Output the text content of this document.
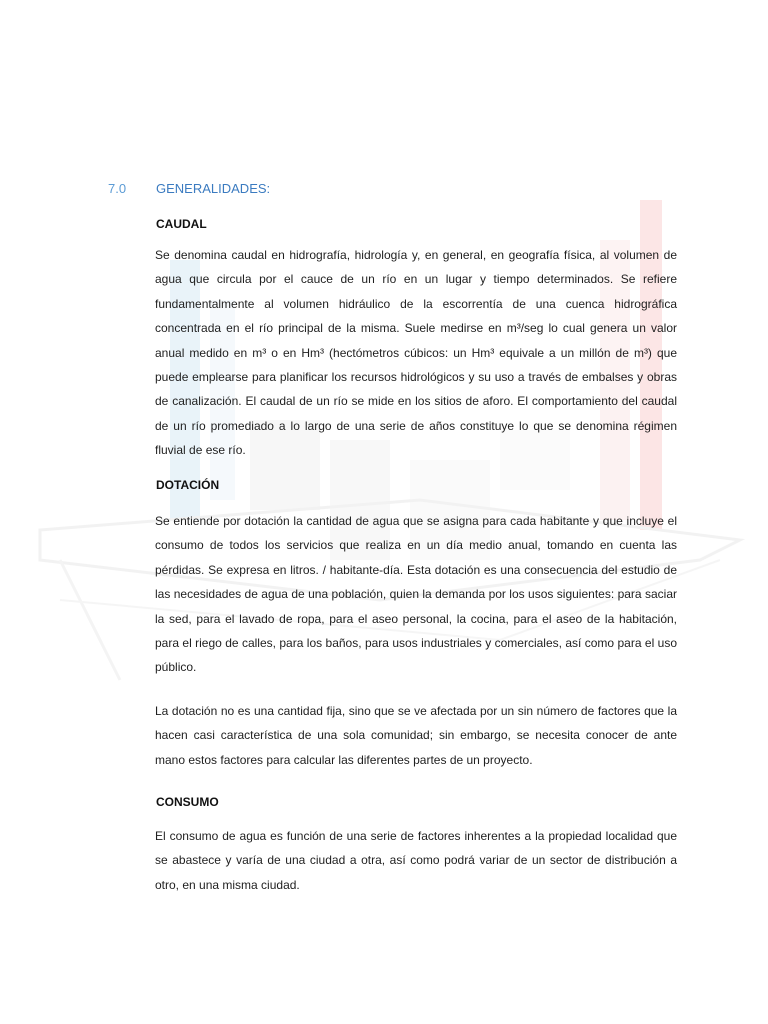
7.0 GENERALIDADES:
CAUDAL

Se denomina caudal en hidrografía, hidrología y, en general, en geografía física, al volumen de agua que circula por el cauce de un río en un lugar y tiempo determinados. Se refiere fundamentalmente al volumen hidráulico de la escorrentía de una cuenca hidrográfica concentrada en el río principal de la misma. Suele medirse en m³/seg lo cual genera un valor anual medido en m³ o en Hm³ (hectómetros cúbicos: un Hm³ equivale a un millón de m³) que puede emplearse para planificar los recursos hidrológicos y su uso a través de embalses y obras de canalización. El caudal de un río se mide en los sitios de aforo. El comportamiento del caudal de un río promediado a lo largo de una serie de años constituye lo que se denomina régimen fluvial de ese río.

DOTACIÓN

Se entiende por dotación la cantidad de agua que se asigna para cada habitante y que incluye el consumo de todos los servicios que realiza en un día medio anual, tomando en cuenta las pérdidas. Se expresa en litros. / habitante-día. Esta dotación es una consecuencia del estudio de las necesidades de agua de una población, quien la demanda por los usos siguientes: para saciar la sed, para el lavado de ropa, para el aseo personal, la cocina, para el aseo de la habitación, para el riego de calles, para los baños, para usos industriales y comerciales, así como para el uso público.

La dotación no es una cantidad fija, sino que se ve afectada por un sin número de factores que la hacen casi característica de una sola comunidad; sin embargo, se necesita conocer de ante mano estos factores para calcular las diferentes partes de un proyecto.

CONSUMO

El consumo de agua es función de una serie de factores inherentes a la propiedad localidad que se abastece y varía de una ciudad a otra, así como podrá variar de un sector de distribución a otro, en una misma ciudad.
